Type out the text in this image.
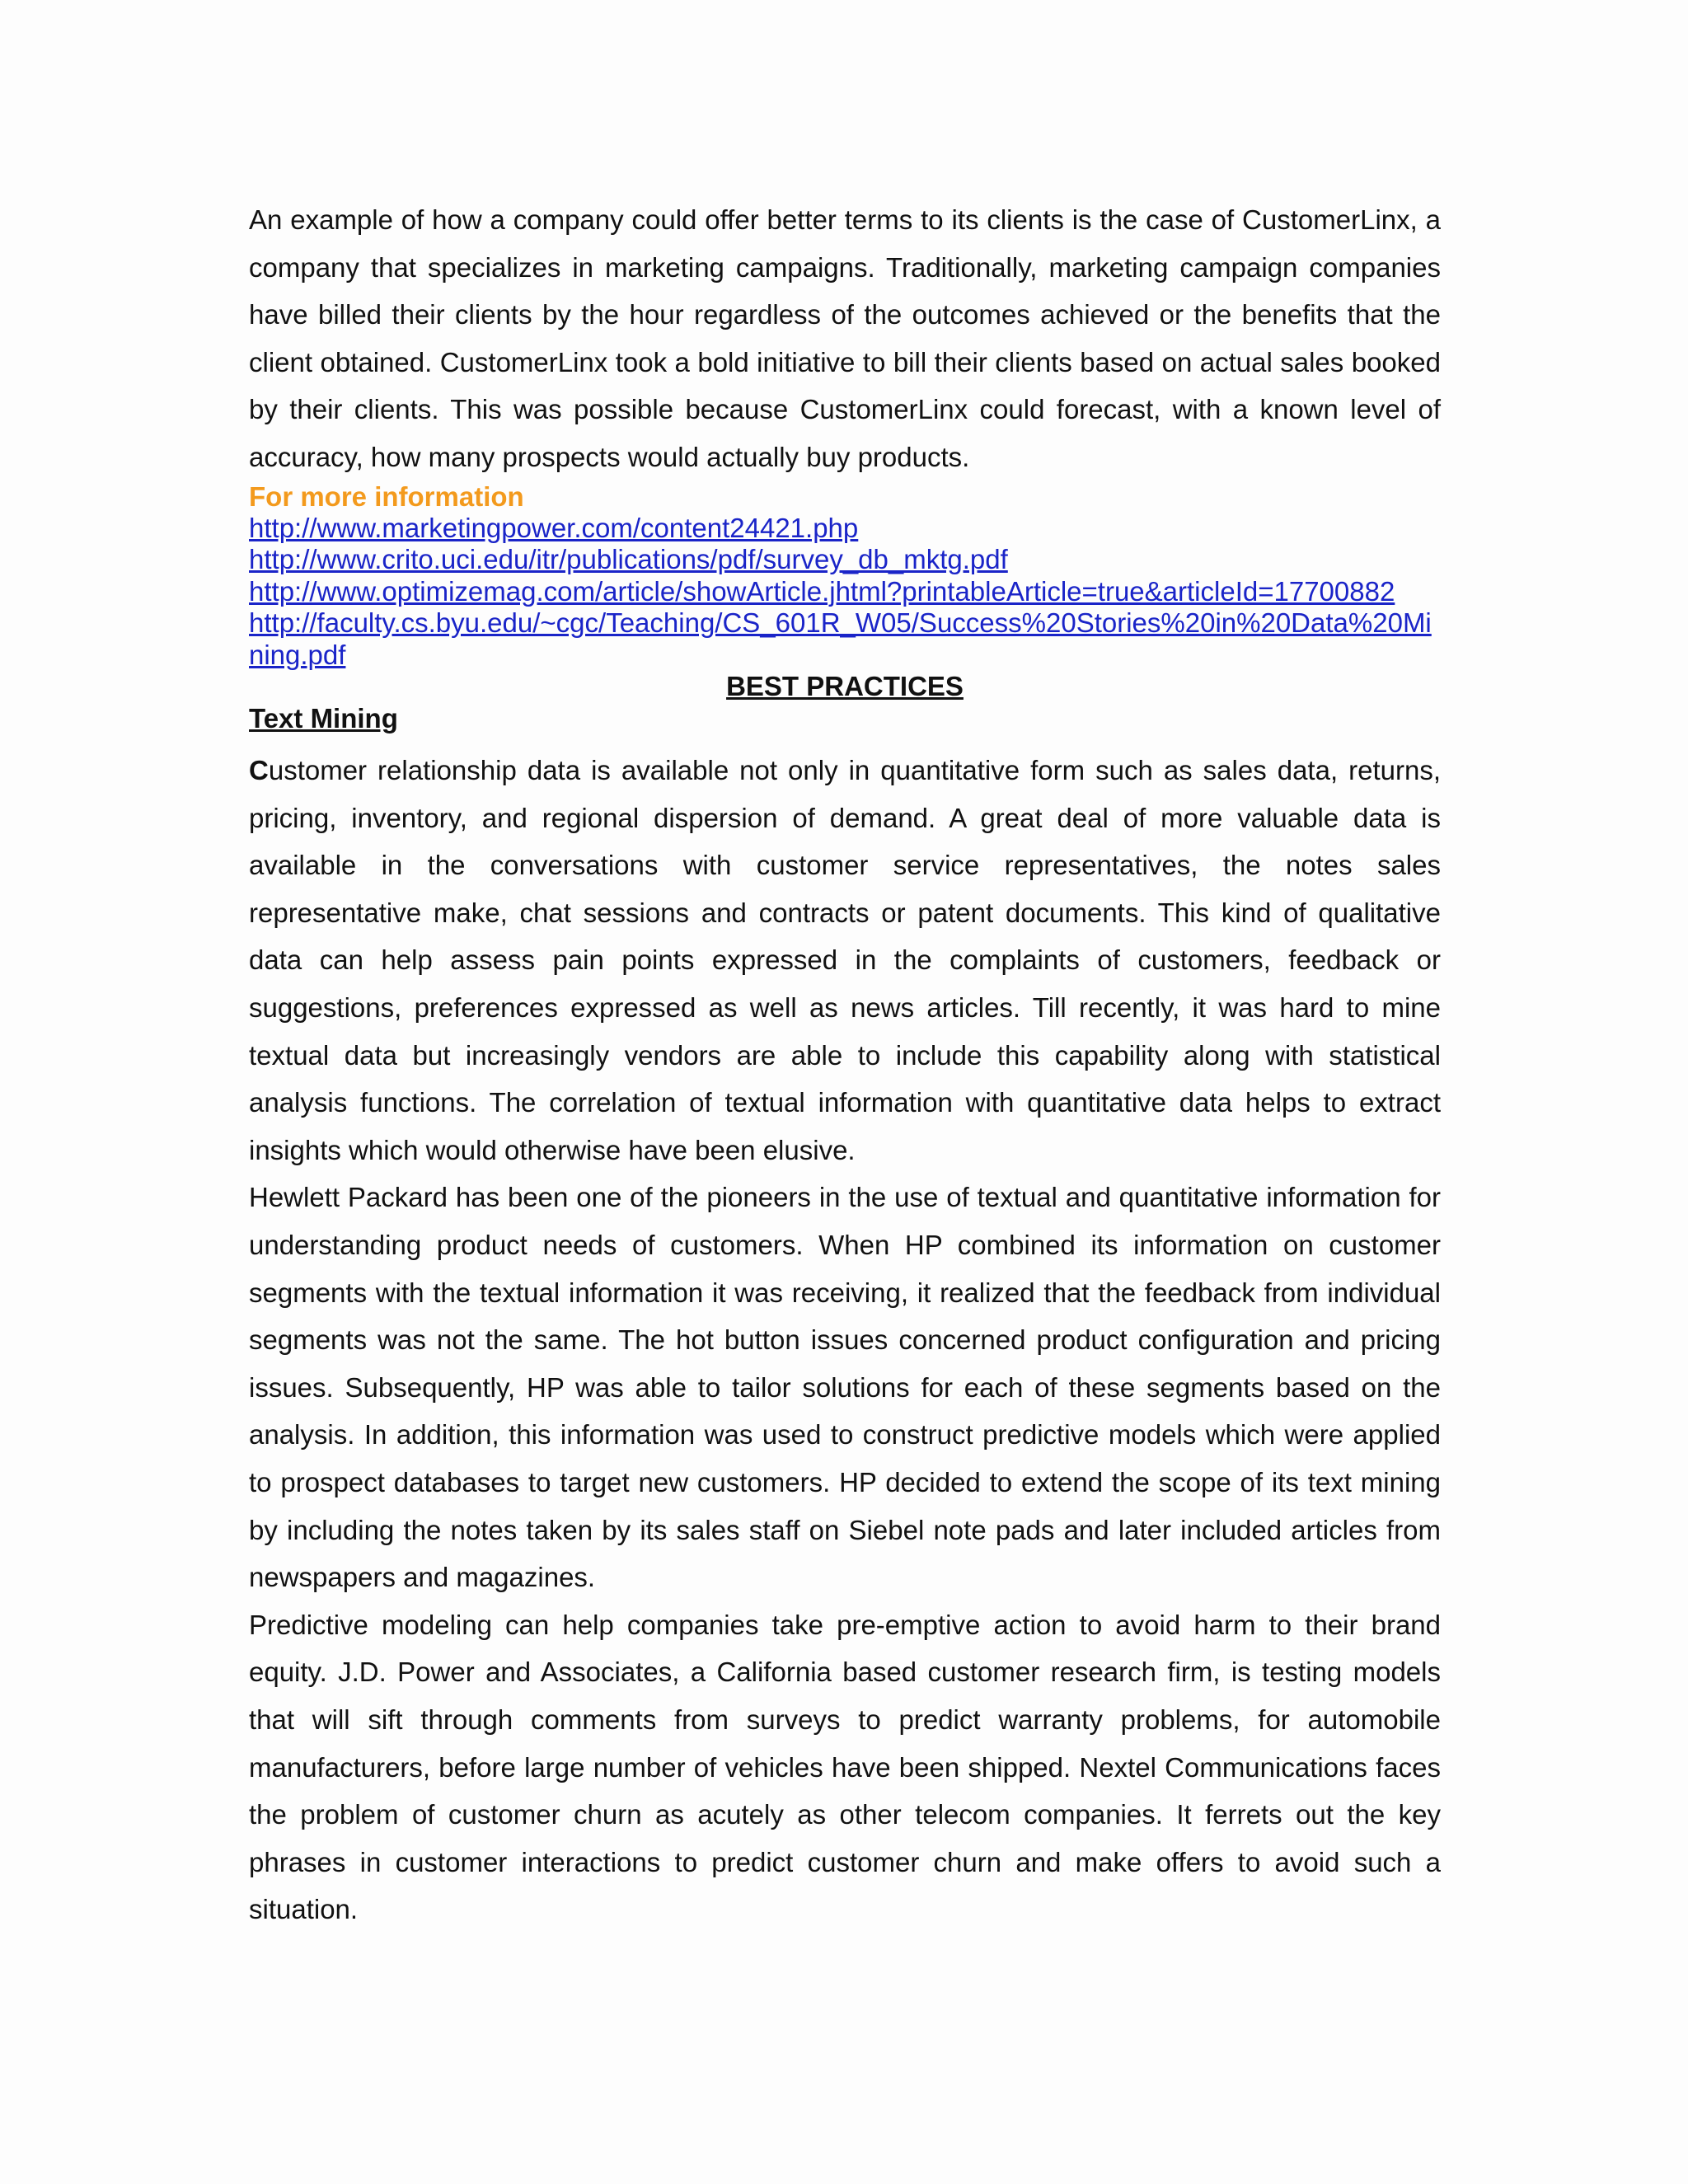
An example of how a company could offer better terms to its clients is the case of CustomerLinx, a company that specializes in marketing campaigns. Traditionally, marketing campaign companies have billed their clients by the hour regardless of the outcomes achieved or the benefits that the client obtained. CustomerLinx took a bold initiative to bill their clients based on actual sales booked by their clients. This was possible because CustomerLinx could forecast, with a known level of accuracy, how many prospects would actually buy products.

For more information

http://www.marketingpower.com/content24421.php
http://www.crito.uci.edu/itr/publications/pdf/survey_db_mktg.pdf
http://www.optimizemag.com/article/showArticle.jhtml?printableArticle=true&articleId=17700882
http://faculty.cs.byu.edu/~cgc/Teaching/CS_601R_W05/Success%20Stories%20in%20Data%20Mining.pdf
BEST PRACTICES
Text Mining

Customer relationship data is available not only in quantitative form such as sales data, returns, pricing, inventory, and regional dispersion of demand. A great deal of more valuable data is available in the conversations with customer service representatives, the notes sales representative make, chat sessions and contracts or patent documents. This kind of qualitative data can help assess pain points expressed in the complaints of customers, feedback or suggestions, preferences expressed as well as news articles. Till recently, it was hard to mine textual data but increasingly vendors are able to include this capability along with statistical analysis functions. The correlation of textual information with quantitative data helps to extract insights which would otherwise have been elusive.

Hewlett Packard has been one of the pioneers in the use of textual and quantitative information for understanding product needs of customers. When HP combined its information on customer segments with the textual information it was receiving, it realized that the feedback from individual segments was not the same. The hot button issues concerned product configuration and pricing issues. Subsequently, HP was able to tailor solutions for each of these segments based on the analysis. In addition, this information was used to construct predictive models which were applied to prospect databases to target new customers. HP decided to extend the scope of its text mining by including the notes taken by its sales staff on Siebel note pads and later included articles from newspapers and magazines.

Predictive modeling can help companies take pre-emptive action to avoid harm to their brand equity. J.D. Power and Associates, a California based customer research firm, is testing models that will sift through comments from surveys to predict warranty problems, for automobile manufacturers, before large number of vehicles have been shipped. Nextel Communications faces the problem of customer churn as acutely as other telecom companies. It ferrets out the key phrases in customer interactions to predict customer churn and make offers to avoid such a situation.
